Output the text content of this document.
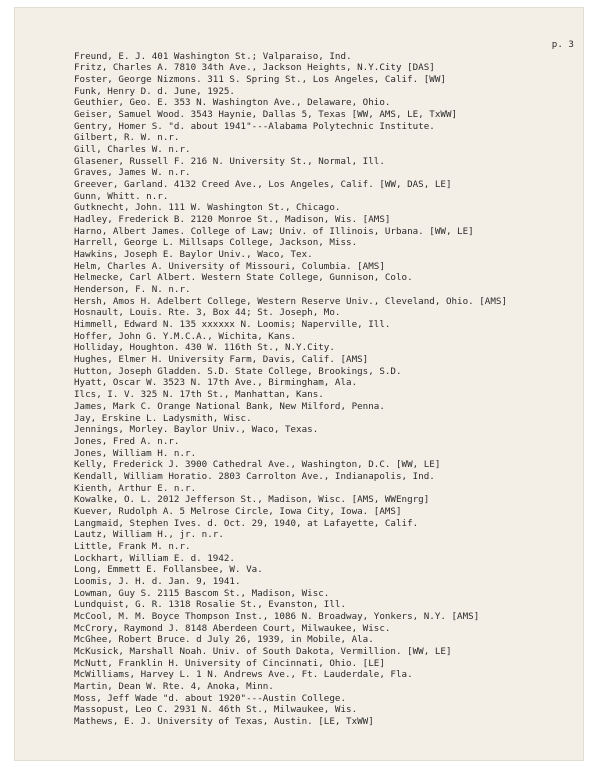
p. 3

Freund, E. J. 401 Washington St.; Valparaiso, Ind.
Fritz, Charles A. 7810 34th Ave., Jackson Heights, N.Y.City [DAS]
Foster, George Nizmons. 311 S. Spring St., Los Angeles, Calif. [WW]
Funk, Henry D. d. June, 1925.
Geuthier, Geo. E. 353 N. Washington Ave., Delaware, Ohio.
Geiser, Samuel Wood. 3543 Haynie, Dallas 5, Texas [WW, AMS, LE, TxWW]
Gentry, Homer S. "d. about 1941"---Alabama Polytechnic Institute.
Gilbert, R. W. n.r.
Gill, Charles W. n.r.
Glasener, Russell F. 216 N. University St., Normal, Ill.
Graves, James W. n.r.
Greever, Garland. 4132 Creed Ave., Los Angeles, Calif. [WW, DAS, LE]
Gunn, Whitt. n.r.
Gutknecht, John. 111 W. Washington St., Chicago.
Hadley, Frederick B. 2120 Monroe St., Madison, Wis. [AMS]
Harno, Albert James. College of Law; Univ. of Illinois, Urbana. [WW, LE]
Harrell, George L. Millsaps College, Jackson, Miss.
Hawkins, Joseph E. Baylor Univ., Waco, Tex.
Helm, Charles A. University of Missouri, Columbia. [AMS]
Helmecke, Carl Albert. Western State College, Gunnison, Colo.
Henderson, F. N. n.r.
Hersh, Amos H. Adelbert College, Western Reserve Univ., Cleveland, Ohio. [AMS]
Hosnault, Louis. Rte. 3, Box 44; St. Joseph, Mo.
Himmell, Edward N. 135 xxxxxx N. Loomis; Naperville, Ill.
Hoffer, John G. Y.M.C.A., Wichita, Kans.
Holliday, Houghton. 430 W. 116th St., N.Y.City.
Hughes, Elmer H. University Farm, Davis, Calif. [AMS]
Hutton, Joseph Gladden. S.D. State College, Brookings, S.D.
Hyatt, Oscar W. 3523 N. 17th Ave., Birmingham, Ala.
Ilcs, I. V. 325 N. 17th St., Manhattan, Kans.
James, Mark C. Orange National Bank, New Milford, Penna.
Jay, Erskine L. Ladysmith, Wisc.
Jennings, Morley. Baylor Univ., Waco, Texas.
Jones, Fred A. n.r.
Jones, William H. n.r.
Kelly, Frederick J. 3900 Cathedral Ave., Washington, D.C. [WW, LE]
Kendall, William Horatio. 2803 Carrolton Ave., Indianapolis, Ind.
Kienth, Arthur E. n.r.
Kowalke, O. L. 2012 Jefferson St., Madison, Wisc. [AMS, WWEngrg]
Kuever, Rudolph A. 5 Melrose Circle, Iowa City, Iowa. [AMS]
Langmaid, Stephen Ives. d. Oct. 29, 1940, at Lafayette, Calif.
Lautz, William H., jr. n.r.
Little, Frank M. n.r.
Lockhart, William E. d. 1942.
Long, Emmett E. Follansbee, W. Va.
Loomis, J. H. d. Jan. 9, 1941.
Lowman, Guy S. 2115 Bascom St., Madison, Wisc.
Lundquist, G. R. 1318 Rosalie St., Evanston, Ill.
McCool, M. M. Boyce Thompson Inst., 1086 N. Broadway, Yonkers, N.Y. [AMS]
McCrory, Raymond J. 8148 Aberdeen Court, Milwaukee, Wisc.
McGhee, Robert Bruce. d July 26, 1939, in Mobile, Ala.
McKusick, Marshall Noah. Univ. of South Dakota, Vermillion. [WW, LE]
McNutt, Franklin H. University of Cincinnati, Ohio. [LE]
McWilliams, Harvey L. 1 N. Andrews Ave., Ft. Lauderdale, Fla.
Martin, Dean W. Rte. 4, Anoka, Minn.
Moss, Jeff Wade "d. about 1920"---Austin College.
Massopust, Leo C. 2931 N. 46th St., Milwaukee, Wis.
Mathews, E. J. University of Texas, Austin. [LE, TxWW]
